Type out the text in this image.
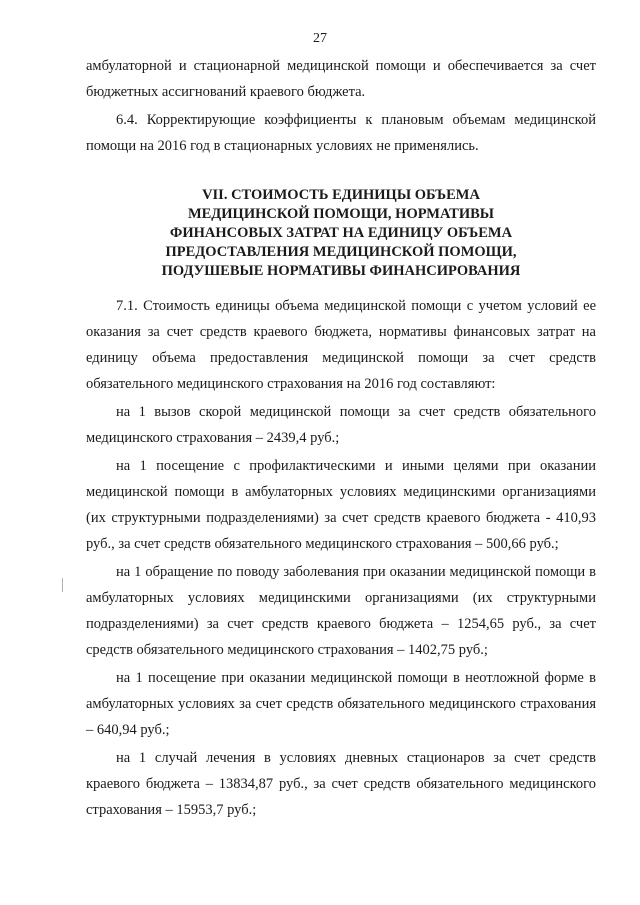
27

амбулаторной и стационарной медицинской помощи и обеспечивается за счет бюджетных ассигнований краевого бюджета.

6.4. Корректирующие коэффициенты к плановым объемам медицинской помощи на 2016 год в стационарных условиях не применялись.

VII. СТОИМОСТЬ ЕДИНИЦЫ ОБЪЕМА
МЕДИЦИНСКОЙ ПОМОЩИ, НОРМАТИВЫ
ФИНАНСОВЫХ ЗАТРАТ НА ЕДИНИЦУ ОБЪЕМА
ПРЕДОСТАВЛЕНИЯ МЕДИЦИНСКОЙ ПОМОЩИ,
ПОДУШЕВЫЕ НОРМАТИВЫ ФИНАНСИРОВАНИЯ

7.1. Стоимость единицы объема медицинской помощи с учетом условий ее оказания за счет средств краевого бюджета, нормативы финансовых затрат на единицу объема предоставления медицинской помощи за счет средств обязательного медицинского страхования на 2016 год составляют:

на 1 вызов скорой медицинской помощи за счет средств обязательного медицинского страхования – 2439,4 руб.;

на 1 посещение с профилактическими и иными целями при оказании медицинской помощи в амбулаторных условиях медицинскими организациями (их структурными подразделениями) за счет средств краевого бюджета - 410,93 руб., за счет средств обязательного медицинского страхования – 500,66 руб.;

на 1 обращение по поводу заболевания при оказании медицинской помощи в амбулаторных условиях медицинскими организациями (их структурными подразделениями) за счет средств краевого бюджета – 1254,65 руб., за счет средств обязательного медицинского страхования – 1402,75 руб.;

на 1 посещение при оказании медицинской помощи в неотложной форме в амбулаторных условиях за счет средств обязательного медицинского страхования – 640,94 руб.;

на 1 случай лечения в условиях дневных стационаров за счет средств краевого бюджета – 13834,87 руб., за счет средств обязательного медицинского страхования – 15953,7 руб.;
